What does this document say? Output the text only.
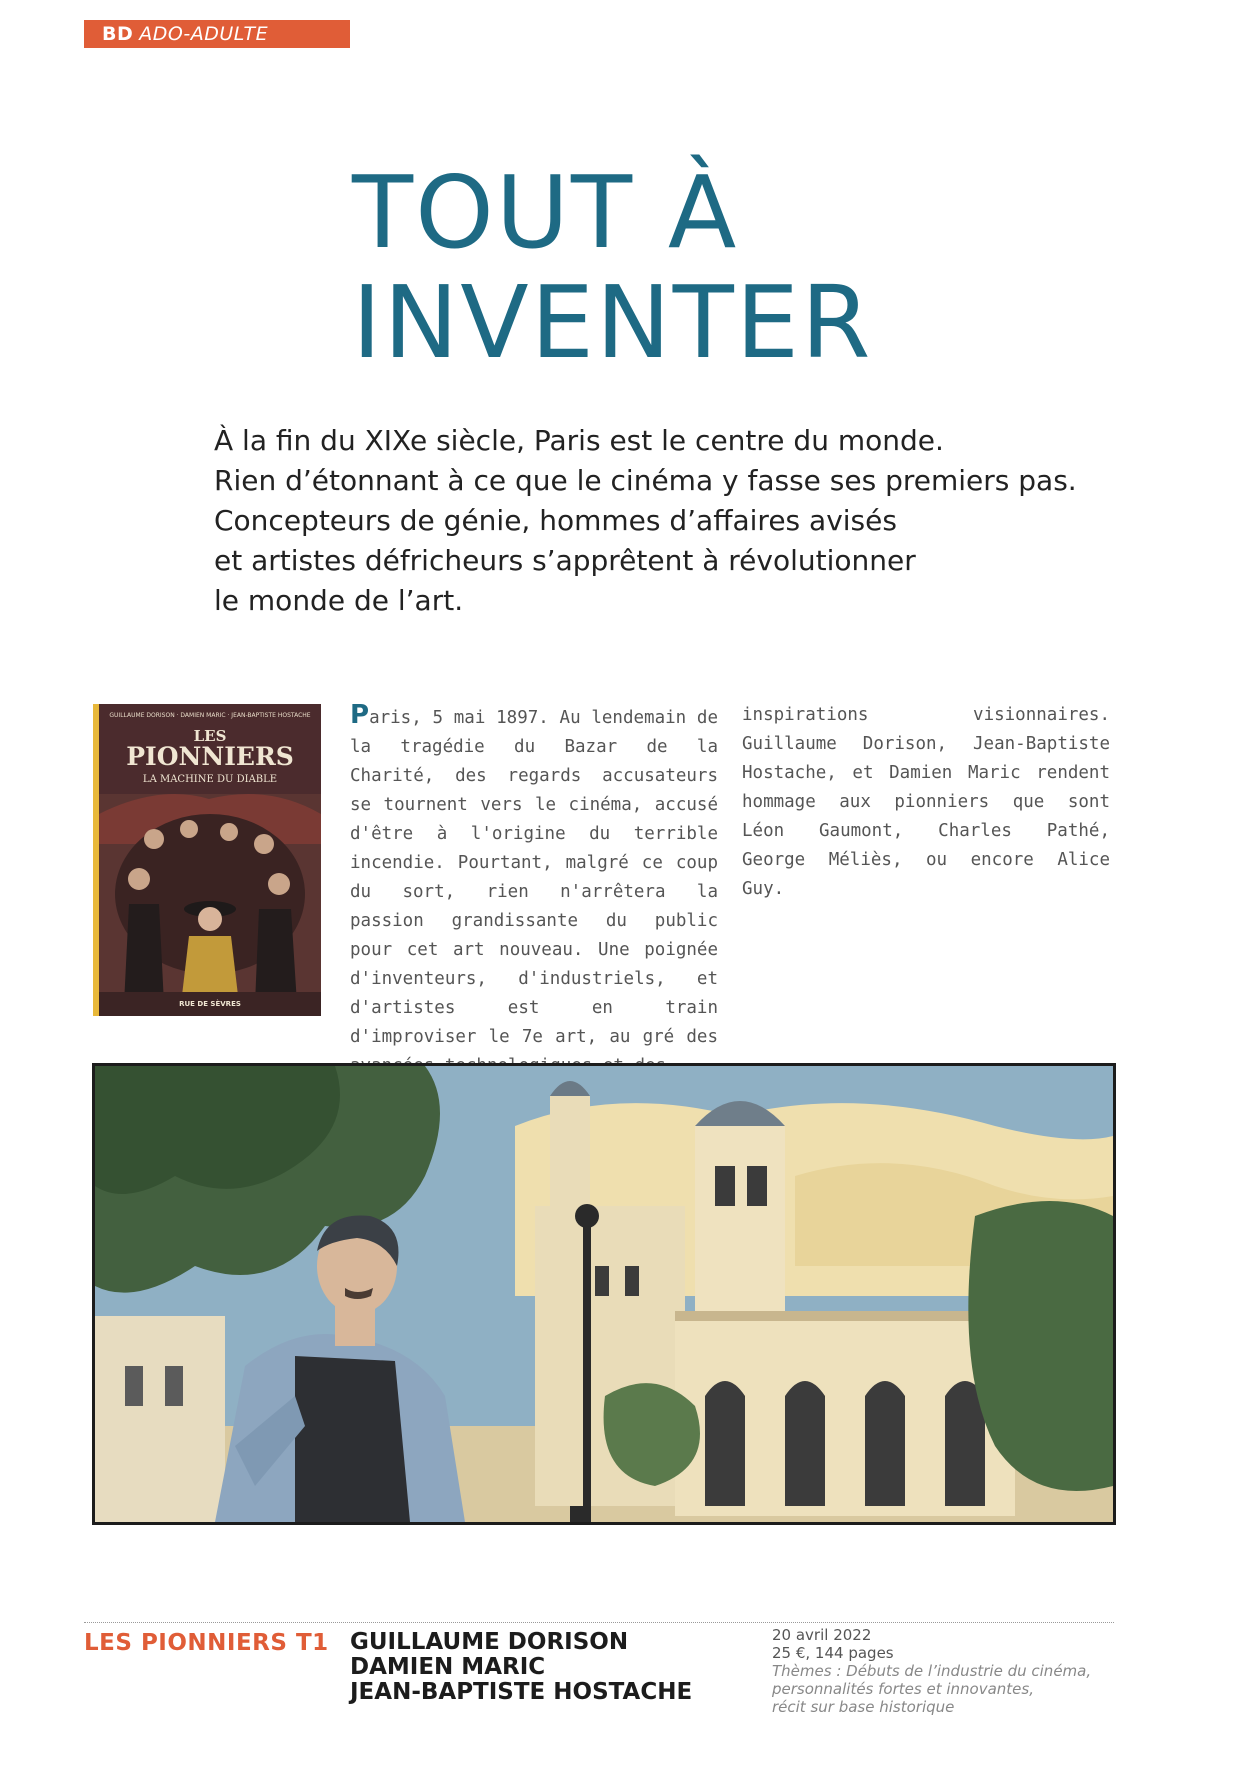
BD ADO-ADULTE
TOUT À
INVENTER
À la fin du XIXe siècle, Paris est le centre du monde.
Rien d’étonnant à ce que le cinéma y fasse ses premiers pas.
Concepteurs de génie, hommes d’affaires avisés
et artistes défricheurs s’apprêtent à révolutionner
le monde de l’art.
GUILLAUME DORISON · DAMIEN MARIC · JEAN-BAPTISTE HOSTACHE
LES
PIONNIERS
LA MACHINE DU DIABLE
RUE DE SÈVRES

Paris, 5 mai 1897. Au lendemain de la tragédie du Bazar de la Charité, des regards accusateurs se tournent vers le cinéma, accusé d'être à l'origine du terrible incendie. Pourtant, malgré ce coup du sort, rien n'arrêtera la passion grandissante du public pour cet art nouveau. Une poignée d'inventeurs, d'industriels, et d'artistes est en train d'improviser le 7e art, au gré des

inspirations visionnaires. Guillaume Dorison, Jean-Baptiste Hostache, et Damien Maric rendent hommage aux pionniers que sont Léon Gaumont, Charles Pathé, George Méliès, ou encore Alice Guy.

LES PIONNIERS T1 GUILLAUME DORISON
DAMIEN MARIC
JEAN-BAPTISTE HOSTACHE
20 avril 2022
25 €, 144 pages
Thèmes : Débuts de l’industrie du cinéma,
personnalités fortes et innovantes,
récit sur base historique
